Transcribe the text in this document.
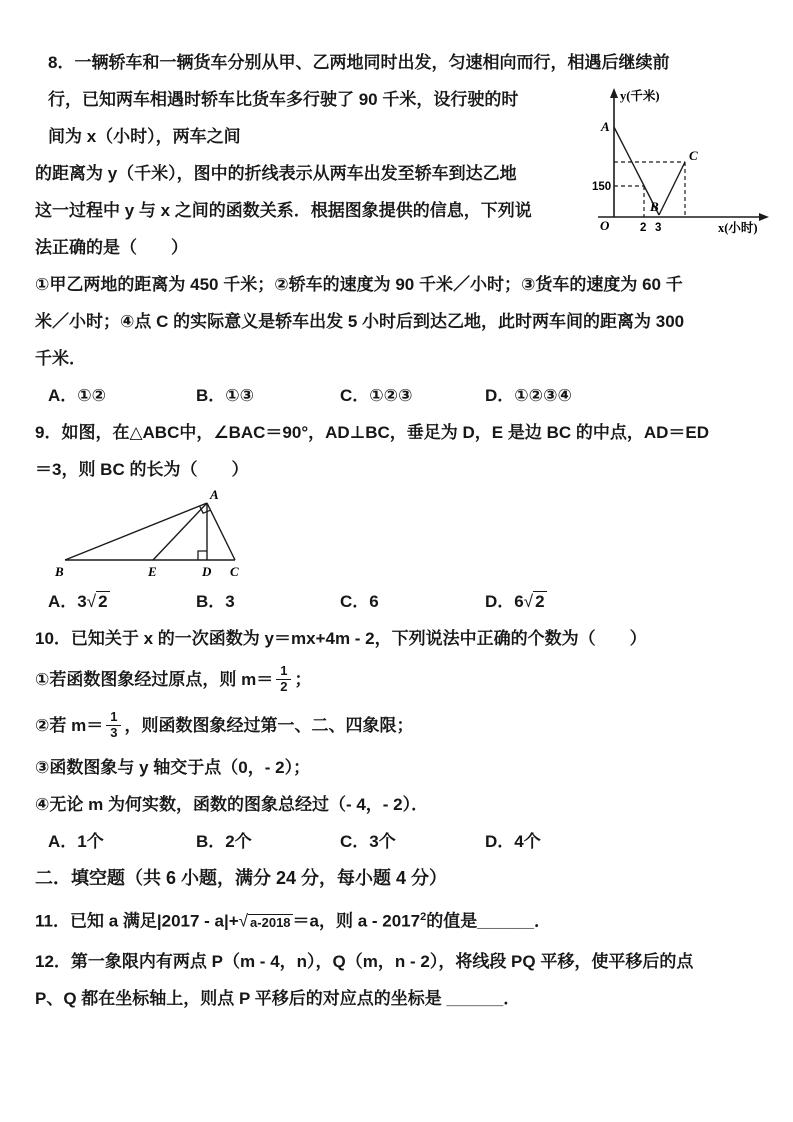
8．一辆轿车和一辆货车分别从甲、乙两地同时出发，匀速相向而行，相遇后继续前
行，已知两车相遇时轿车比货车多行驶了 90 千米，设行驶的时
间为 x（小时），两车之间
的距离为 y（千米），图中的折线表示从两车出发至轿车到达乙地
这一过程中 y 与 x 之间的函数关系．根据图象提供的信息，下列说
法正确的是（　　）
①甲乙两地的距离为 450 千米；②轿车的速度为 90 千米／小时；③货车的速度为 60 千
米／小时；④点 C 的实际意义是轿车出发 5 小时后到达乙地，此时两车间的距离为 300
千米．
A．①②	B．①③	C．①②③	D．①②③④
A
B
C
O
150
2 3
y(千米)
x(小时)
9．如图，在△ABC中，∠BAC＝90°，AD⊥BC，垂足为 D，E 是边 BC 的中点，AD＝ED
＝3，则 BC 的长为（　　）
A
B	E	D C
A．3√ 2	B．3	C．6	D．6√ 2
10．已知关于 x 的一次函数为 y＝mx+4m - 2，下列说法中正确的个数为（　　）
①若函数图象经过原点，则 $m= \frac{1}{2}$ ；
②若 $m= \frac{1}{3}$ ，则函数图象经过第一、二、四象限；
③函数图象与 y 轴交于点（0，- 2）；
④无论 m 为何实数，函数的图象总经过（- 4，- 2）．
A．1个	B．2个	C．3个	D．4个
二．填空题（共 6 小题，满分 24 分，每小题 4 分）
11．已知 a 满足|2017 - a|+√ a-2018 ＝a，则 a - 2017$^2$的值是______．
12．第一象限内有两点 P（m - 4，n），Q（m，n - 2），将线段 PQ 平移，使平移后的点
P、Q 都在坐标轴上，则点 P 平移后的对应点的坐标是 ______．
